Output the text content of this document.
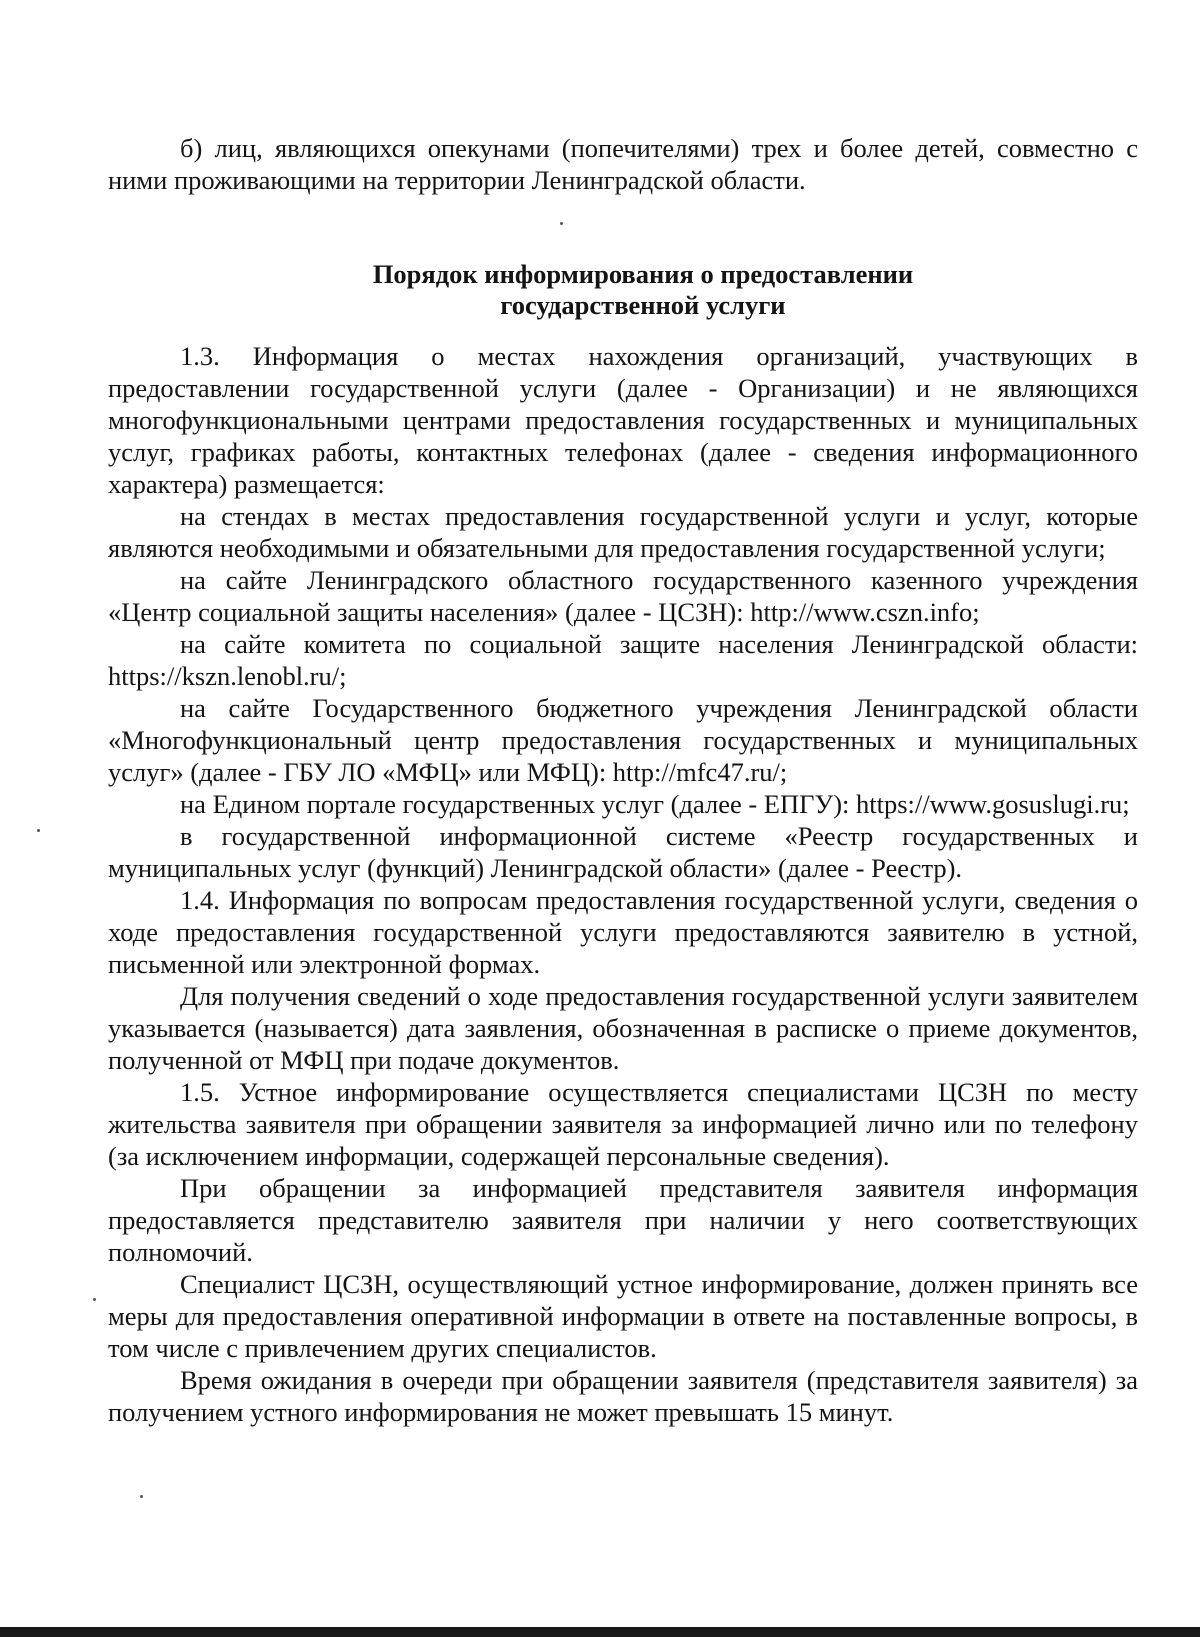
б) лиц, являющихся опекунами (попечителями) трех и более детей, совместно с ними проживающими на территории Ленинградской области.

Порядок информирования о предоставлении
государственной услуги

1.3. Информация о местах нахождения организаций, участвующих в предоставлении государственной услуги (далее - Организации) и не являющихся многофункциональными центрами предоставления государственных и муниципальных услуг, графиках работы, контактных телефонах (далее - сведения информационного характера) размещается:

на стендах в местах предоставления государственной услуги и услуг, которые являются необходимыми и обязательными для предоставления государственной услуги;

на сайте Ленинградского областного государственного казенного учреждения «Центр социальной защиты населения» (далее - ЦСЗН): http://www.cszn.info;

на сайте комитета по социальной защите населения Ленинградской области: https://kszn.lenobl.ru/;

на сайте Государственного бюджетного учреждения Ленинградской области «Многофункциональный центр предоставления государственных и муниципальных услуг» (далее - ГБУ ЛО «МФЦ» или МФЦ): http://mfc47.ru/;

на Едином портале государственных услуг (далее - ЕПГУ): https://www.gosuslugi.ru;

в государственной информационной системе «Реестр государственных и муниципальных услуг (функций) Ленинградской области» (далее - Реестр).

1.4. Информация по вопросам предоставления государственной услуги, сведения о ходе предоставления государственной услуги предоставляются заявителю в устной, письменной или электронной формах.

Для получения сведений о ходе предоставления государственной услуги заявителем указывается (называется) дата заявления, обозначенная в расписке о приеме документов, полученной от МФЦ при подаче документов.

1.5. Устное информирование осуществляется специалистами ЦСЗН по месту жительства заявителя при обращении заявителя за информацией лично или по телефону (за исключением информации, содержащей персональные сведения).

При обращении за информацией представителя заявителя информация предоставляется представителю заявителя при наличии у него соответствующих полномочий.

Специалист ЦСЗН, осуществляющий устное информирование, должен принять все меры для предоставления оперативной информации в ответе на поставленные вопросы, в том числе с привлечением других специалистов.

Время ожидания в очереди при обращении заявителя (представителя заявителя) за получением устного информирования не может превышать 15 минут.
